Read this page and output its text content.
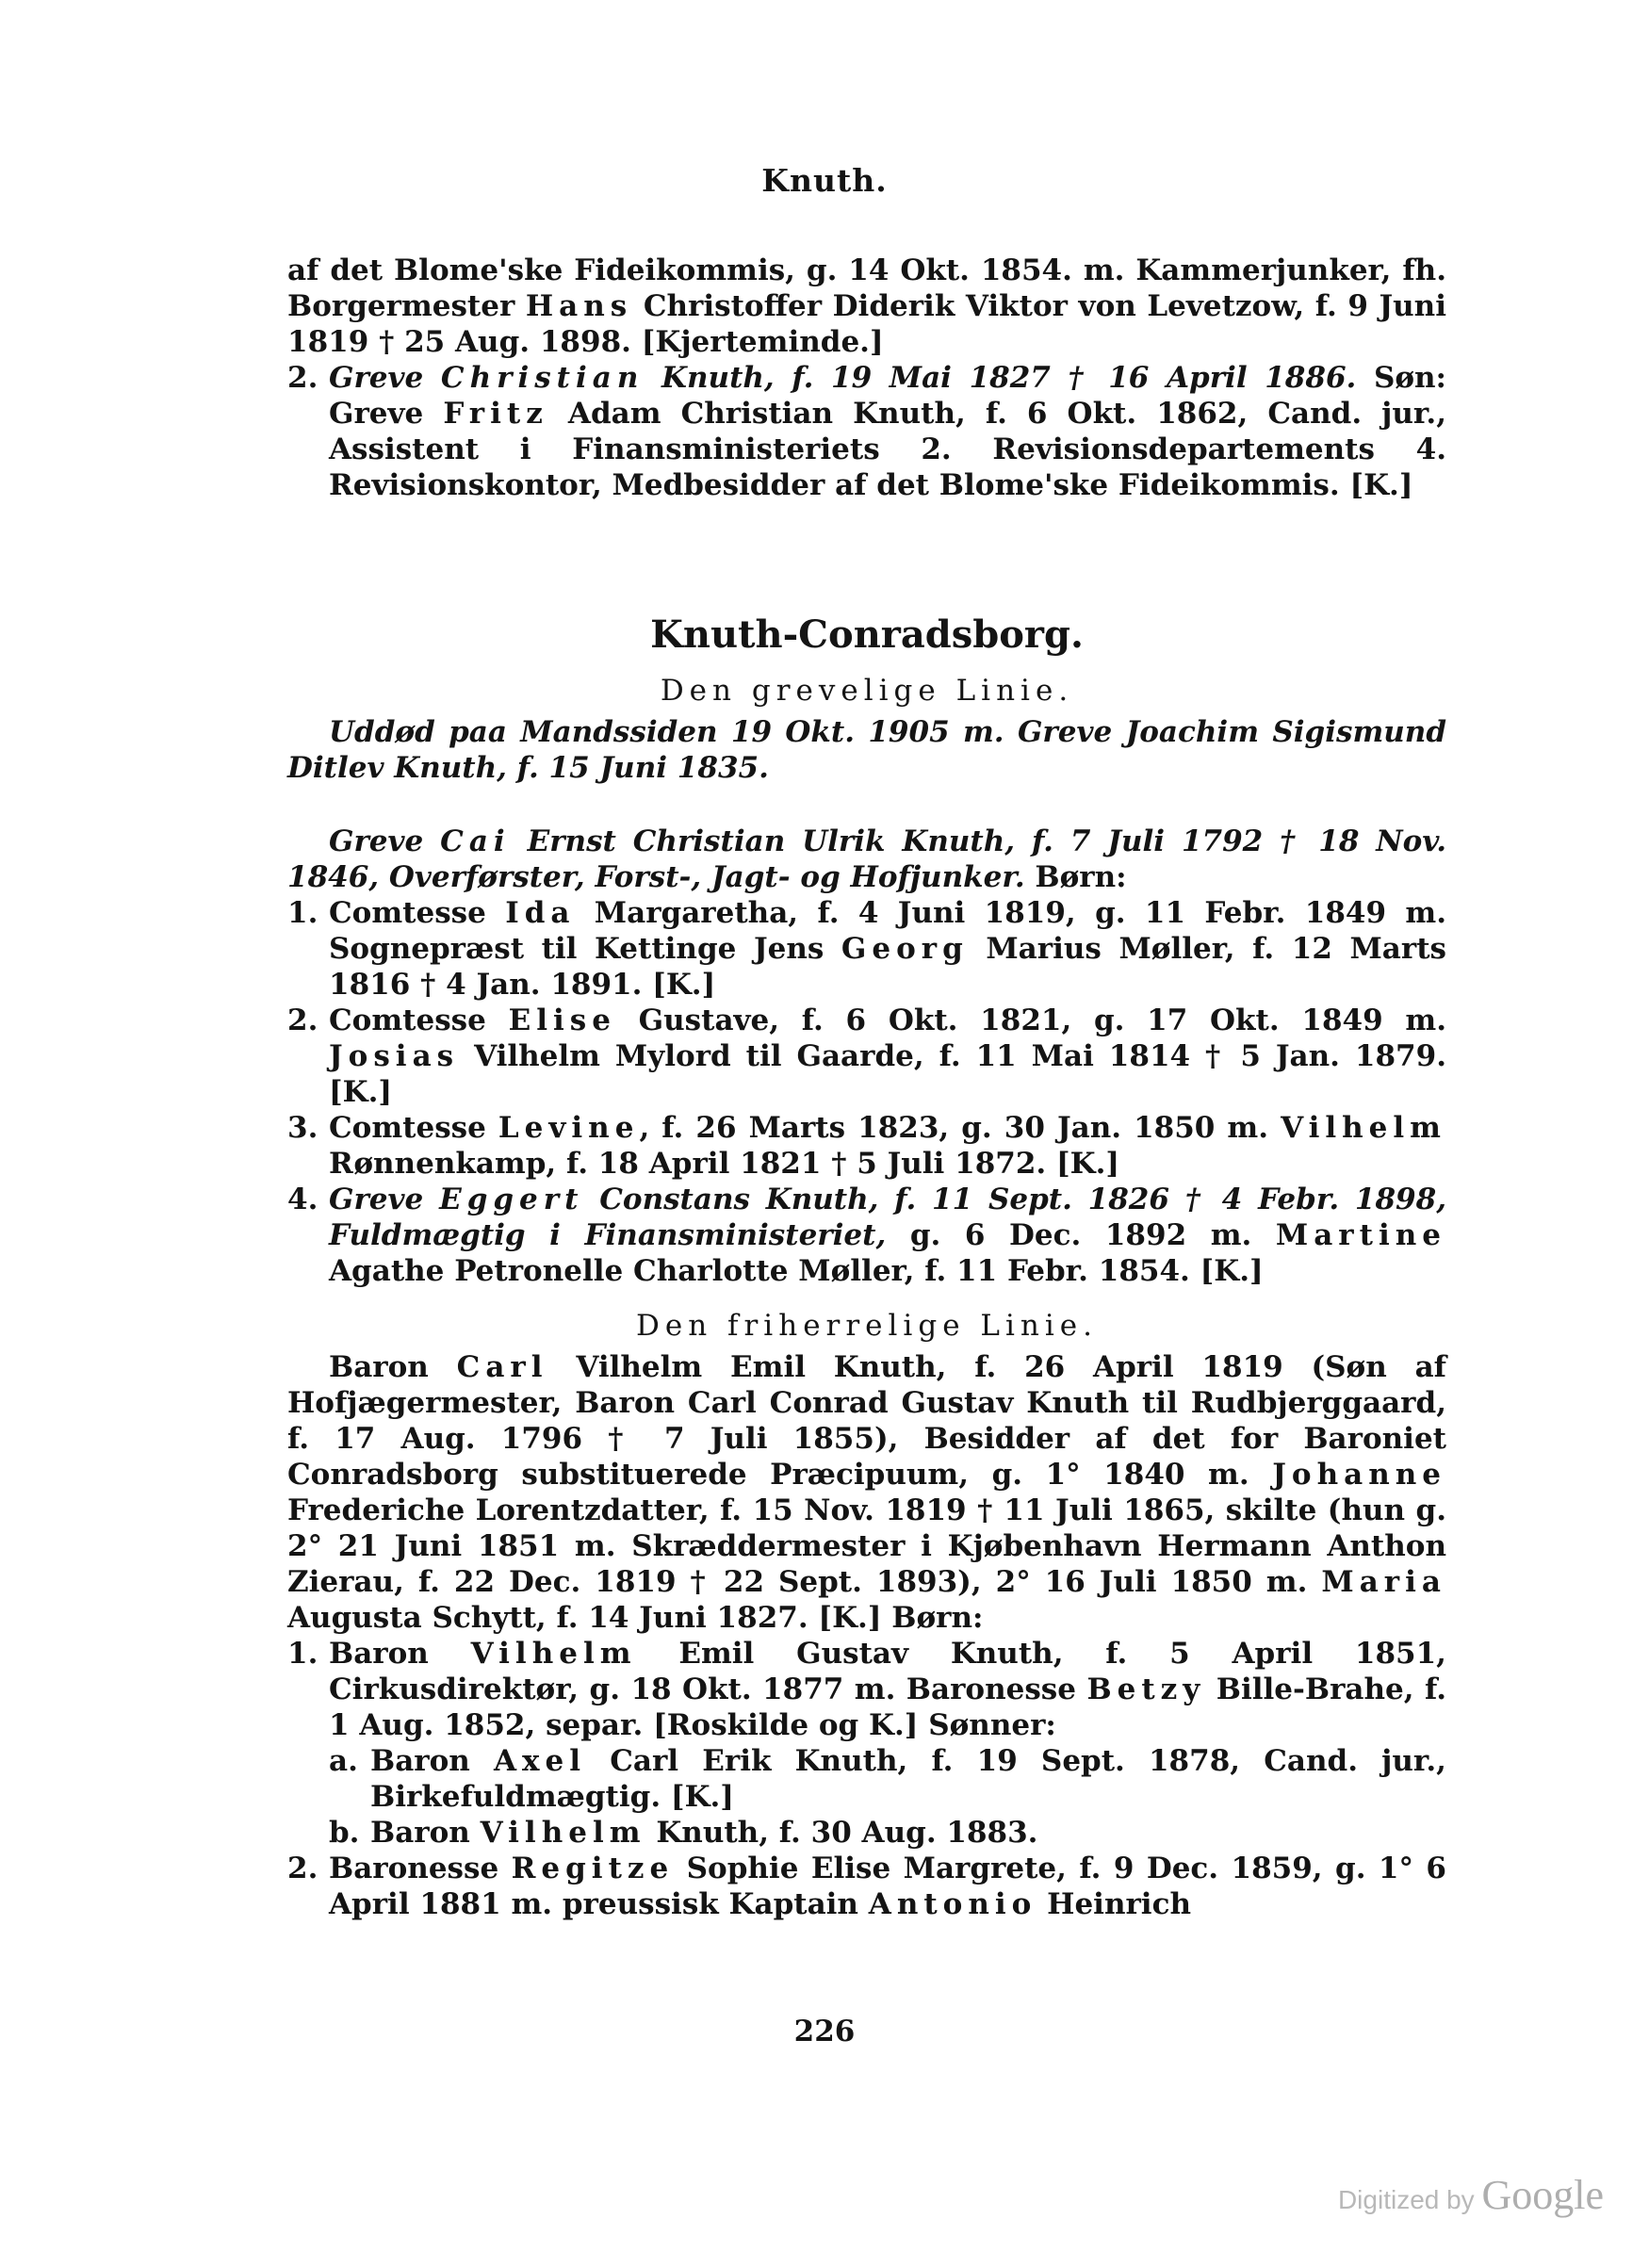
Knuth.

af det Blome'ske Fideikommis, g. 14 Okt. 1854. m. Kammerjunker, fh. Borgermester Hans Christoffer Diderik Viktor von Levetzow, f. 9 Juni 1819 † 25 Aug. 1898. [Kjerteminde.]

2. Greve Christian Knuth, f. 19 Mai 1827 † 16 April 1886. Søn: Greve Fritz Adam Christian Knuth, f. 6 Okt. 1862, Cand. jur., Assistent i Finansministeriets 2. Revisionsdepartements 4. Revisionskontor, Medbesidder af det Blome'ske Fideikommis. [K.]

Knuth-Conradsborg.

Den grevelige Linie.

Uddød paa Mandssiden 19 Okt. 1905 m. Greve Joachim Sigismund Ditlev Knuth, f. 15 Juni 1835.

Greve Cai Ernst Christian Ulrik Knuth, f. 7 Juli 1792 † 18 Nov. 1846, Overførster, Forst-, Jagt- og Hofjunker. Børn:

1. Comtesse Ida Margaretha, f. 4 Juni 1819, g. 11 Febr. 1849 m. Sognepræst til Kettinge Jens Georg Marius Møller, f. 12 Marts 1816 † 4 Jan. 1891. [K.]

2. Comtesse Elise Gustave, f. 6 Okt. 1821, g. 17 Okt. 1849 m. Josias Vilhelm Mylord til Gaarde, f. 11 Mai 1814 † 5 Jan. 1879. [K.]

3. Comtesse Levine, f. 26 Marts 1823, g. 30 Jan. 1850 m. Vilhelm Rønnenkamp, f. 18 April 1821 † 5 Juli 1872. [K.]

4. Greve Eggert Constans Knuth, f. 11 Sept. 1826 † 4 Febr. 1898, Fuldmægtig i Finansministeriet, g. 6 Dec. 1892 m. Martine Agathe Petronelle Charlotte Møller, f. 11 Febr. 1854. [K.]

Den friherrelige Linie.

Baron Carl Vilhelm Emil Knuth, f. 26 April 1819 (Søn af Hofjægermester, Baron Carl Conrad Gustav Knuth til Rudbjerggaard, f. 17 Aug. 1796 † 7 Juli 1855), Besidder af det for Baroniet Conradsborg substituerede Præcipuum, g. 1° 1840 m. Johanne Frederiche Lorentzdatter, f. 15 Nov. 1819 † 11 Juli 1865, skilte (hun g. 2° 21 Juni 1851 m. Skræddermester i Kjøbenhavn Hermann Anthon Zierau, f. 22 Dec. 1819 † 22 Sept. 1893), 2° 16 Juli 1850 m. Maria Augusta Schytt, f. 14 Juni 1827. [K.] Børn:

1. Baron Vilhelm Emil Gustav Knuth, f. 5 April 1851, Cirkusdirektør, g. 18 Okt. 1877 m. Baronesse Betzy Bille-Brahe, f. 1 Aug. 1852, separ. [Roskilde og K.] Sønner:

a. Baron Axel Carl Erik Knuth, f. 19 Sept. 1878, Cand. jur., Birkefuldmægtig. [K.]

b. Baron Vilhelm Knuth, f. 30 Aug. 1883.

2. Baronesse Regitze Sophie Elise Margrete, f. 9 Dec. 1859, g. 1° 6 April 1881 m. preussisk Kaptain Antonio Heinrich

226
Digitized by Google
